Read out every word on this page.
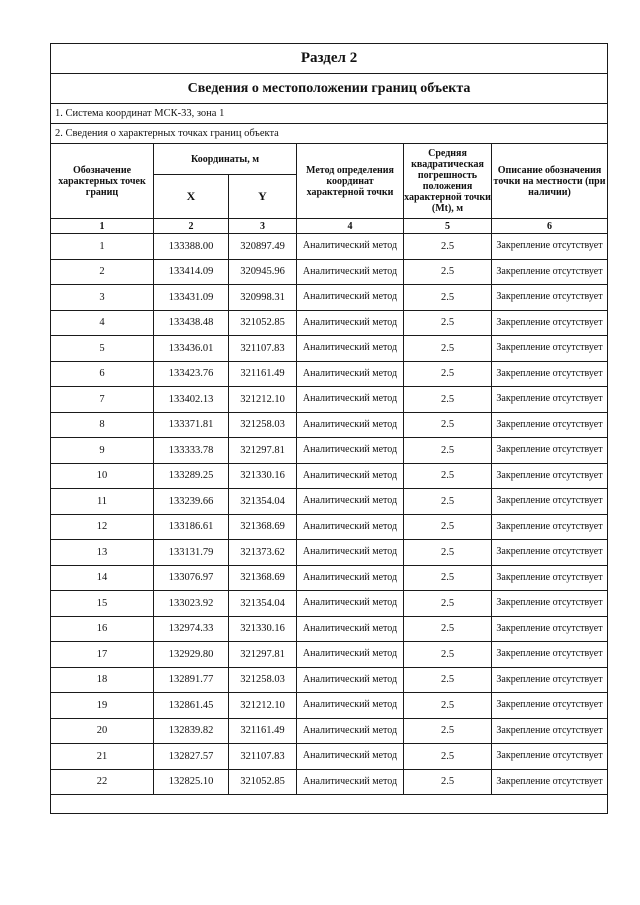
Раздел 2					
Сведения о местоположении границ объекта					
1. Система координат МСК-33, зона 1					
2. Сведения о характерных точках границ объекта					
Обозначение характерных точек границ	Координаты, м		Метод определения координат характерной точки	Средняя квадратическая погрешность положения характерной точки (Mt), м	Описание обозначения точки на местности (при наличии)
	X	Y			
1	2	3	4	5	6
1	133388.00	320897.49	Аналитический метод	2.5	Закрепление отсутствует
2	133414.09	320945.96	Аналитический метод	2.5	Закрепление отсутствует
3	133431.09	320998.31	Аналитический метод	2.5	Закрепление отсутствует
4	133438.48	321052.85	Аналитический метод	2.5	Закрепление отсутствует
5	133436.01	321107.83	Аналитический метод	2.5	Закрепление отсутствует
6	133423.76	321161.49	Аналитический метод	2.5	Закрепление отсутствует
7	133402.13	321212.10	Аналитический метод	2.5	Закрепление отсутствует
8	133371.81	321258.03	Аналитический метод	2.5	Закрепление отсутствует
9	133333.78	321297.81	Аналитический метод	2.5	Закрепление отсутствует
10	133289.25	321330.16	Аналитический метод	2.5	Закрепление отсутствует
11	133239.66	321354.04	Аналитический метод	2.5	Закрепление отсутствует
12	133186.61	321368.69	Аналитический метод	2.5	Закрепление отсутствует
13	133131.79	321373.62	Аналитический метод	2.5	Закрепление отсутствует
14	133076.97	321368.69	Аналитический метод	2.5	Закрепление отсутствует
15	133023.92	321354.04	Аналитический метод	2.5	Закрепление отсутствует
16	132974.33	321330.16	Аналитический метод	2.5	Закрепление отсутствует
17	132929.80	321297.81	Аналитический метод	2.5	Закрепление отсутствует
18	132891.77	321258.03	Аналитический метод	2.5	Закрепление отсутствует
19	132861.45	321212.10	Аналитический метод	2.5	Закрепление отсутствует
20	132839.82	321161.49	Аналитический метод	2.5	Закрепление отсутствует
21	132827.57	321107.83	Аналитический метод	2.5	Закрепление отсутствует
22	132825.10	321052.85	Аналитический метод	2.5	Закрепление отсутствует
